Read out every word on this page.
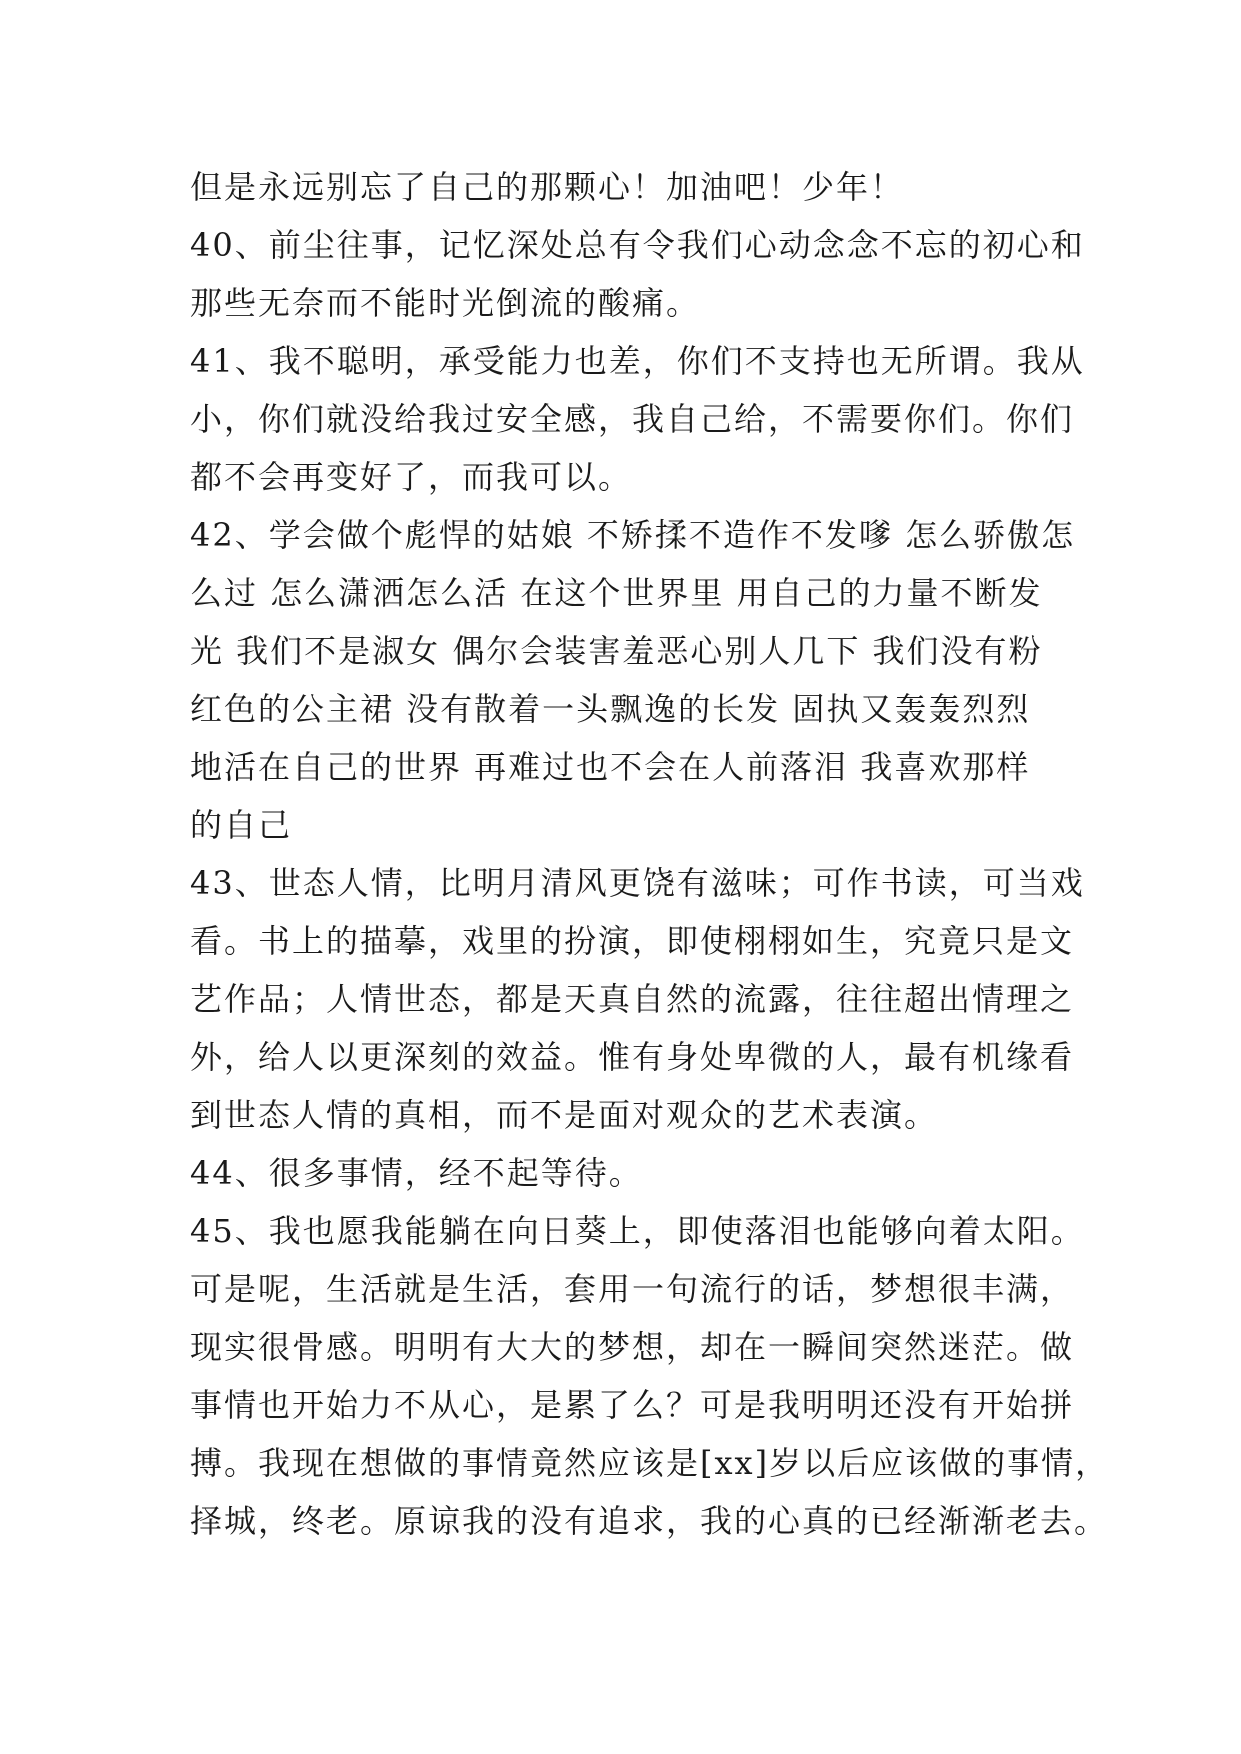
但是永远别忘了自己的那颗心！加油吧！少年！
40、前尘往事，记忆深处总有令我们心动念念不忘的初心和
那些无奈而不能时光倒流的酸痛。
41、我不聪明，承受能力也差，你们不支持也无所谓。我从
小，你们就没给我过安全感，我自己给，不需要你们。你们
都不会再变好了，而我可以。
42、学会做个彪悍的姑娘 不矫揉不造作不发嗲 怎么骄傲怎
么过 怎么潇洒怎么活 在这个世界里 用自己的力量不断发
光 我们不是淑女 偶尔会装害羞恶心别人几下 我们没有粉
红色的公主裙 没有散着一头飘逸的长发 固执又轰轰烈烈
地活在自己的世界 再难过也不会在人前落泪 我喜欢那样
的自己
43、世态人情，比明月清风更饶有滋味；可作书读，可当戏
看。书上的描摹，戏里的扮演，即使栩栩如生，究竟只是文
艺作品；人情世态，都是天真自然的流露，往往超出情理之
外，给人以更深刻的效益。惟有身处卑微的人，最有机缘看
到世态人情的真相，而不是面对观众的艺术表演。
44、很多事情，经不起等待。
45、我也愿我能躺在向日葵上，即使落泪也能够向着太阳。
可是呢，生活就是生活，套用一句流行的话，梦想很丰满，
现实很骨感。明明有大大的梦想，却在一瞬间突然迷茫。做
事情也开始力不从心，是累了么？可是我明明还没有开始拼
搏。我现在想做的事情竟然应该是[xx]岁以后应该做的事情，
择城，终老。原谅我的没有追求，我的心真的已经渐渐老去。
